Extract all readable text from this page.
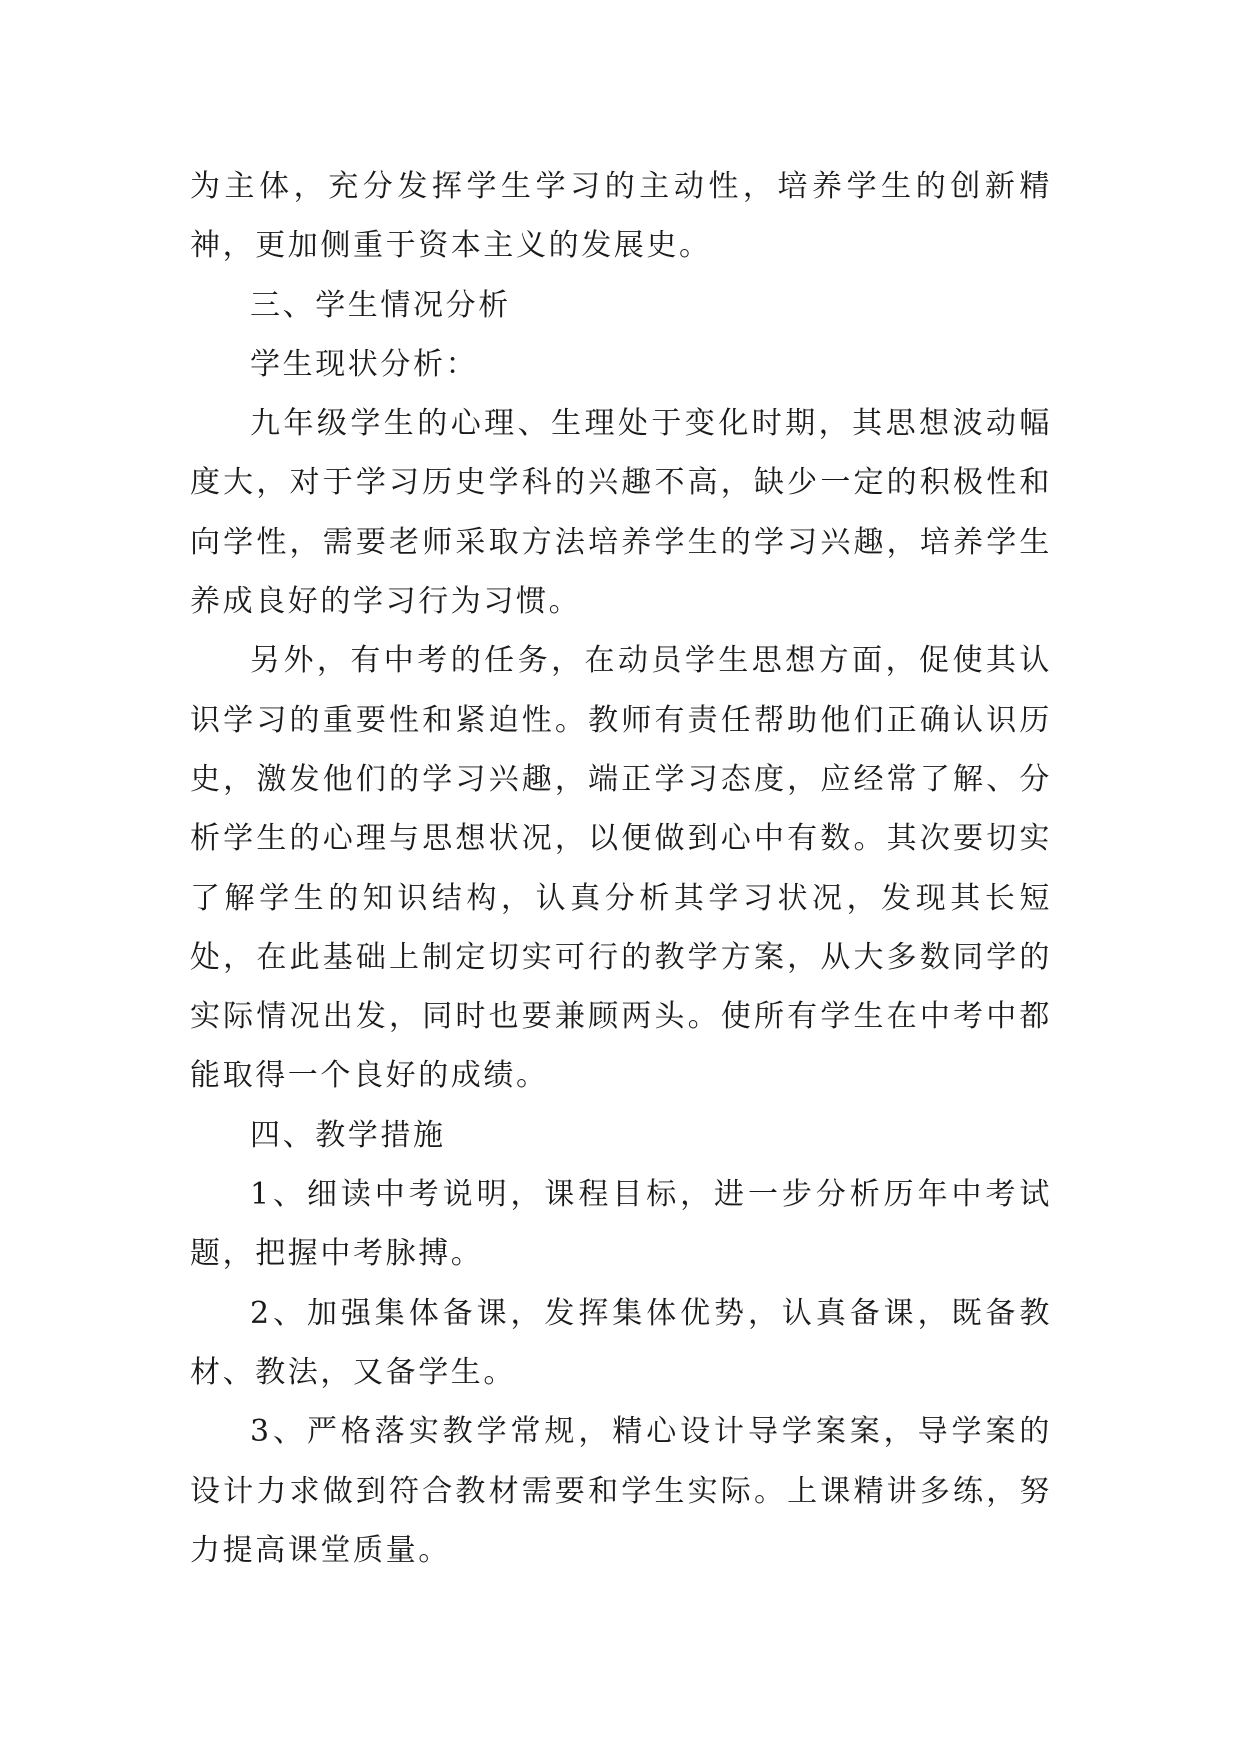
为主体，充分发挥学生学习的主动性，培养学生的创新精神，更加侧重于资本主义的发展史。

三、学生情况分析

学生现状分析：

九年级学生的心理、生理处于变化时期，其思想波动幅度大，对于学习历史学科的兴趣不高，缺少一定的积极性和向学性，需要老师采取方法培养学生的学习兴趣，培养学生养成良好的学习行为习惯。

另外，有中考的任务，在动员学生思想方面，促使其认识学习的重要性和紧迫性。教师有责任帮助他们正确认识历史，激发他们的学习兴趣，端正学习态度，应经常了解、分析学生的心理与思想状况，以便做到心中有数。其次要切实了解学生的知识结构，认真分析其学习状况，发现其长短处，在此基础上制定切实可行的教学方案，从大多数同学的实际情况出发，同时也要兼顾两头。使所有学生在中考中都能取得一个良好的成绩。

四、教学措施

1、细读中考说明，课程目标，进一步分析历年中考试题，把握中考脉搏。

2、加强集体备课，发挥集体优势，认真备课，既备教材、教法，又备学生。

3、严格落实教学常规，精心设计导学案案，导学案的设计力求做到符合教材需要和学生实际。上课精讲多练，努力提高课堂质量。
